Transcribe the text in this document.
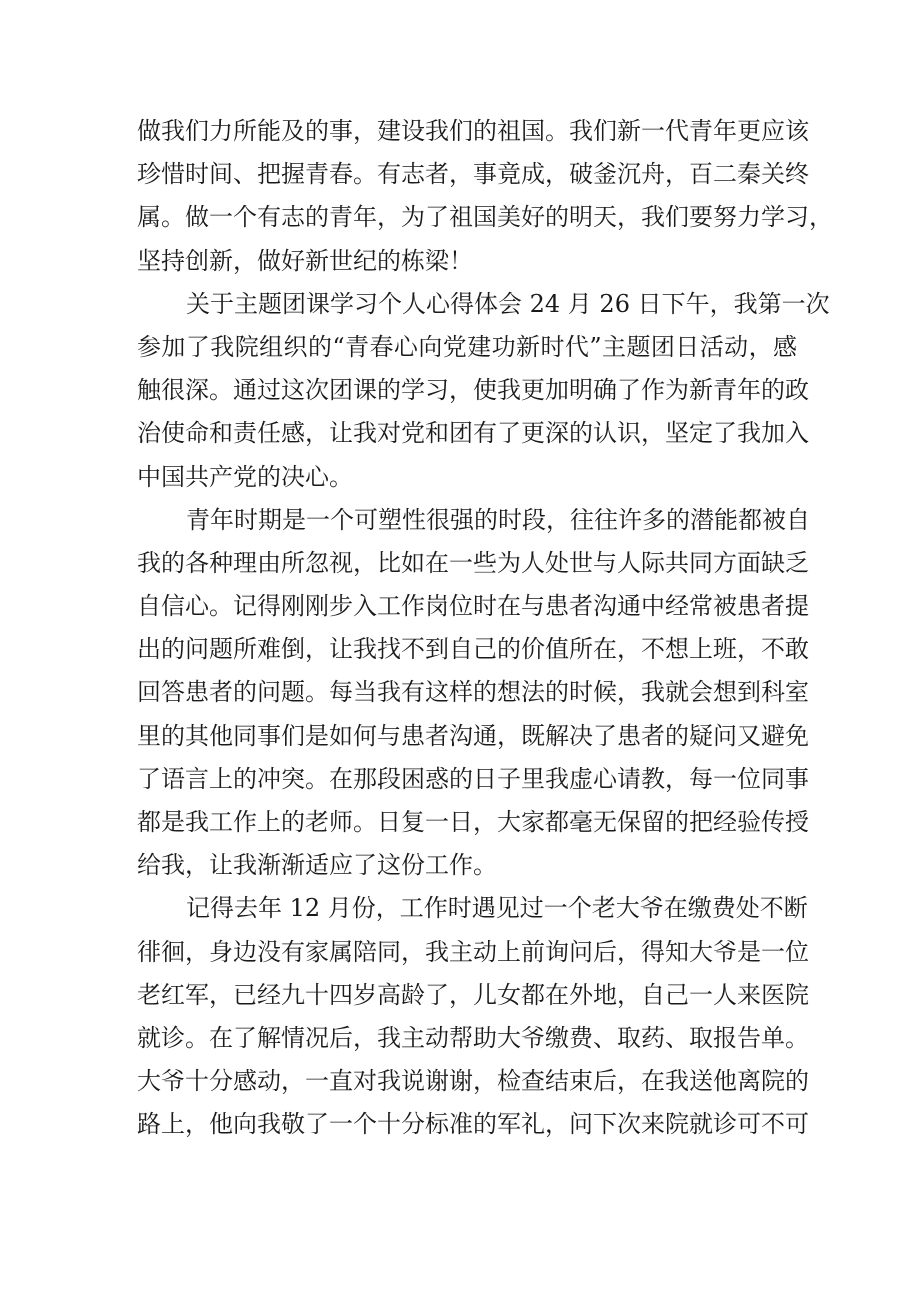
做我们力所能及的事，建设我们的祖国。我们新一代青年更应该
珍惜时间、把握青春。有志者，事竟成，破釜沉舟，百二秦关终
属。做一个有志的青年，为了祖国美好的明天，我们要努力学习，
坚持创新，做好新世纪的栋梁！
关于主题团课学习个人心得体会 24 月 26 日下午，我第一次
参加了我院组织的“青春心向党建功新时代”主题团日活动，感
触很深。通过这次团课的学习，使我更加明确了作为新青年的政
治使命和责任感，让我对党和团有了更深的认识，坚定了我加入
中国共产党的决心。
青年时期是一个可塑性很强的时段，往往许多的潜能都被自
我的各种理由所忽视，比如在一些为人处世与人际共同方面缺乏
自信心。记得刚刚步入工作岗位时在与患者沟通中经常被患者提
出的问题所难倒，让我找不到自己的价值所在，不想上班，不敢
回答患者的问题。每当我有这样的想法的时候，我就会想到科室
里的其他同事们是如何与患者沟通，既解决了患者的疑问又避免
了语言上的冲突。在那段困惑的日子里我虚心请教，每一位同事
都是我工作上的老师。日复一日，大家都毫无保留的把经验传授
给我，让我渐渐适应了这份工作。
记得去年 12 月份，工作时遇见过一个老大爷在缴费处不断
徘徊，身边没有家属陪同，我主动上前询问后，得知大爷是一位
老红军，已经九十四岁高龄了，儿女都在外地，自己一人来医院
就诊。在了解情况后，我主动帮助大爷缴费、取药、取报告单。
大爷十分感动，一直对我说谢谢，检查结束后，在我送他离院的
路上，他向我敬了一个十分标准的军礼，问下次来院就诊可不可
